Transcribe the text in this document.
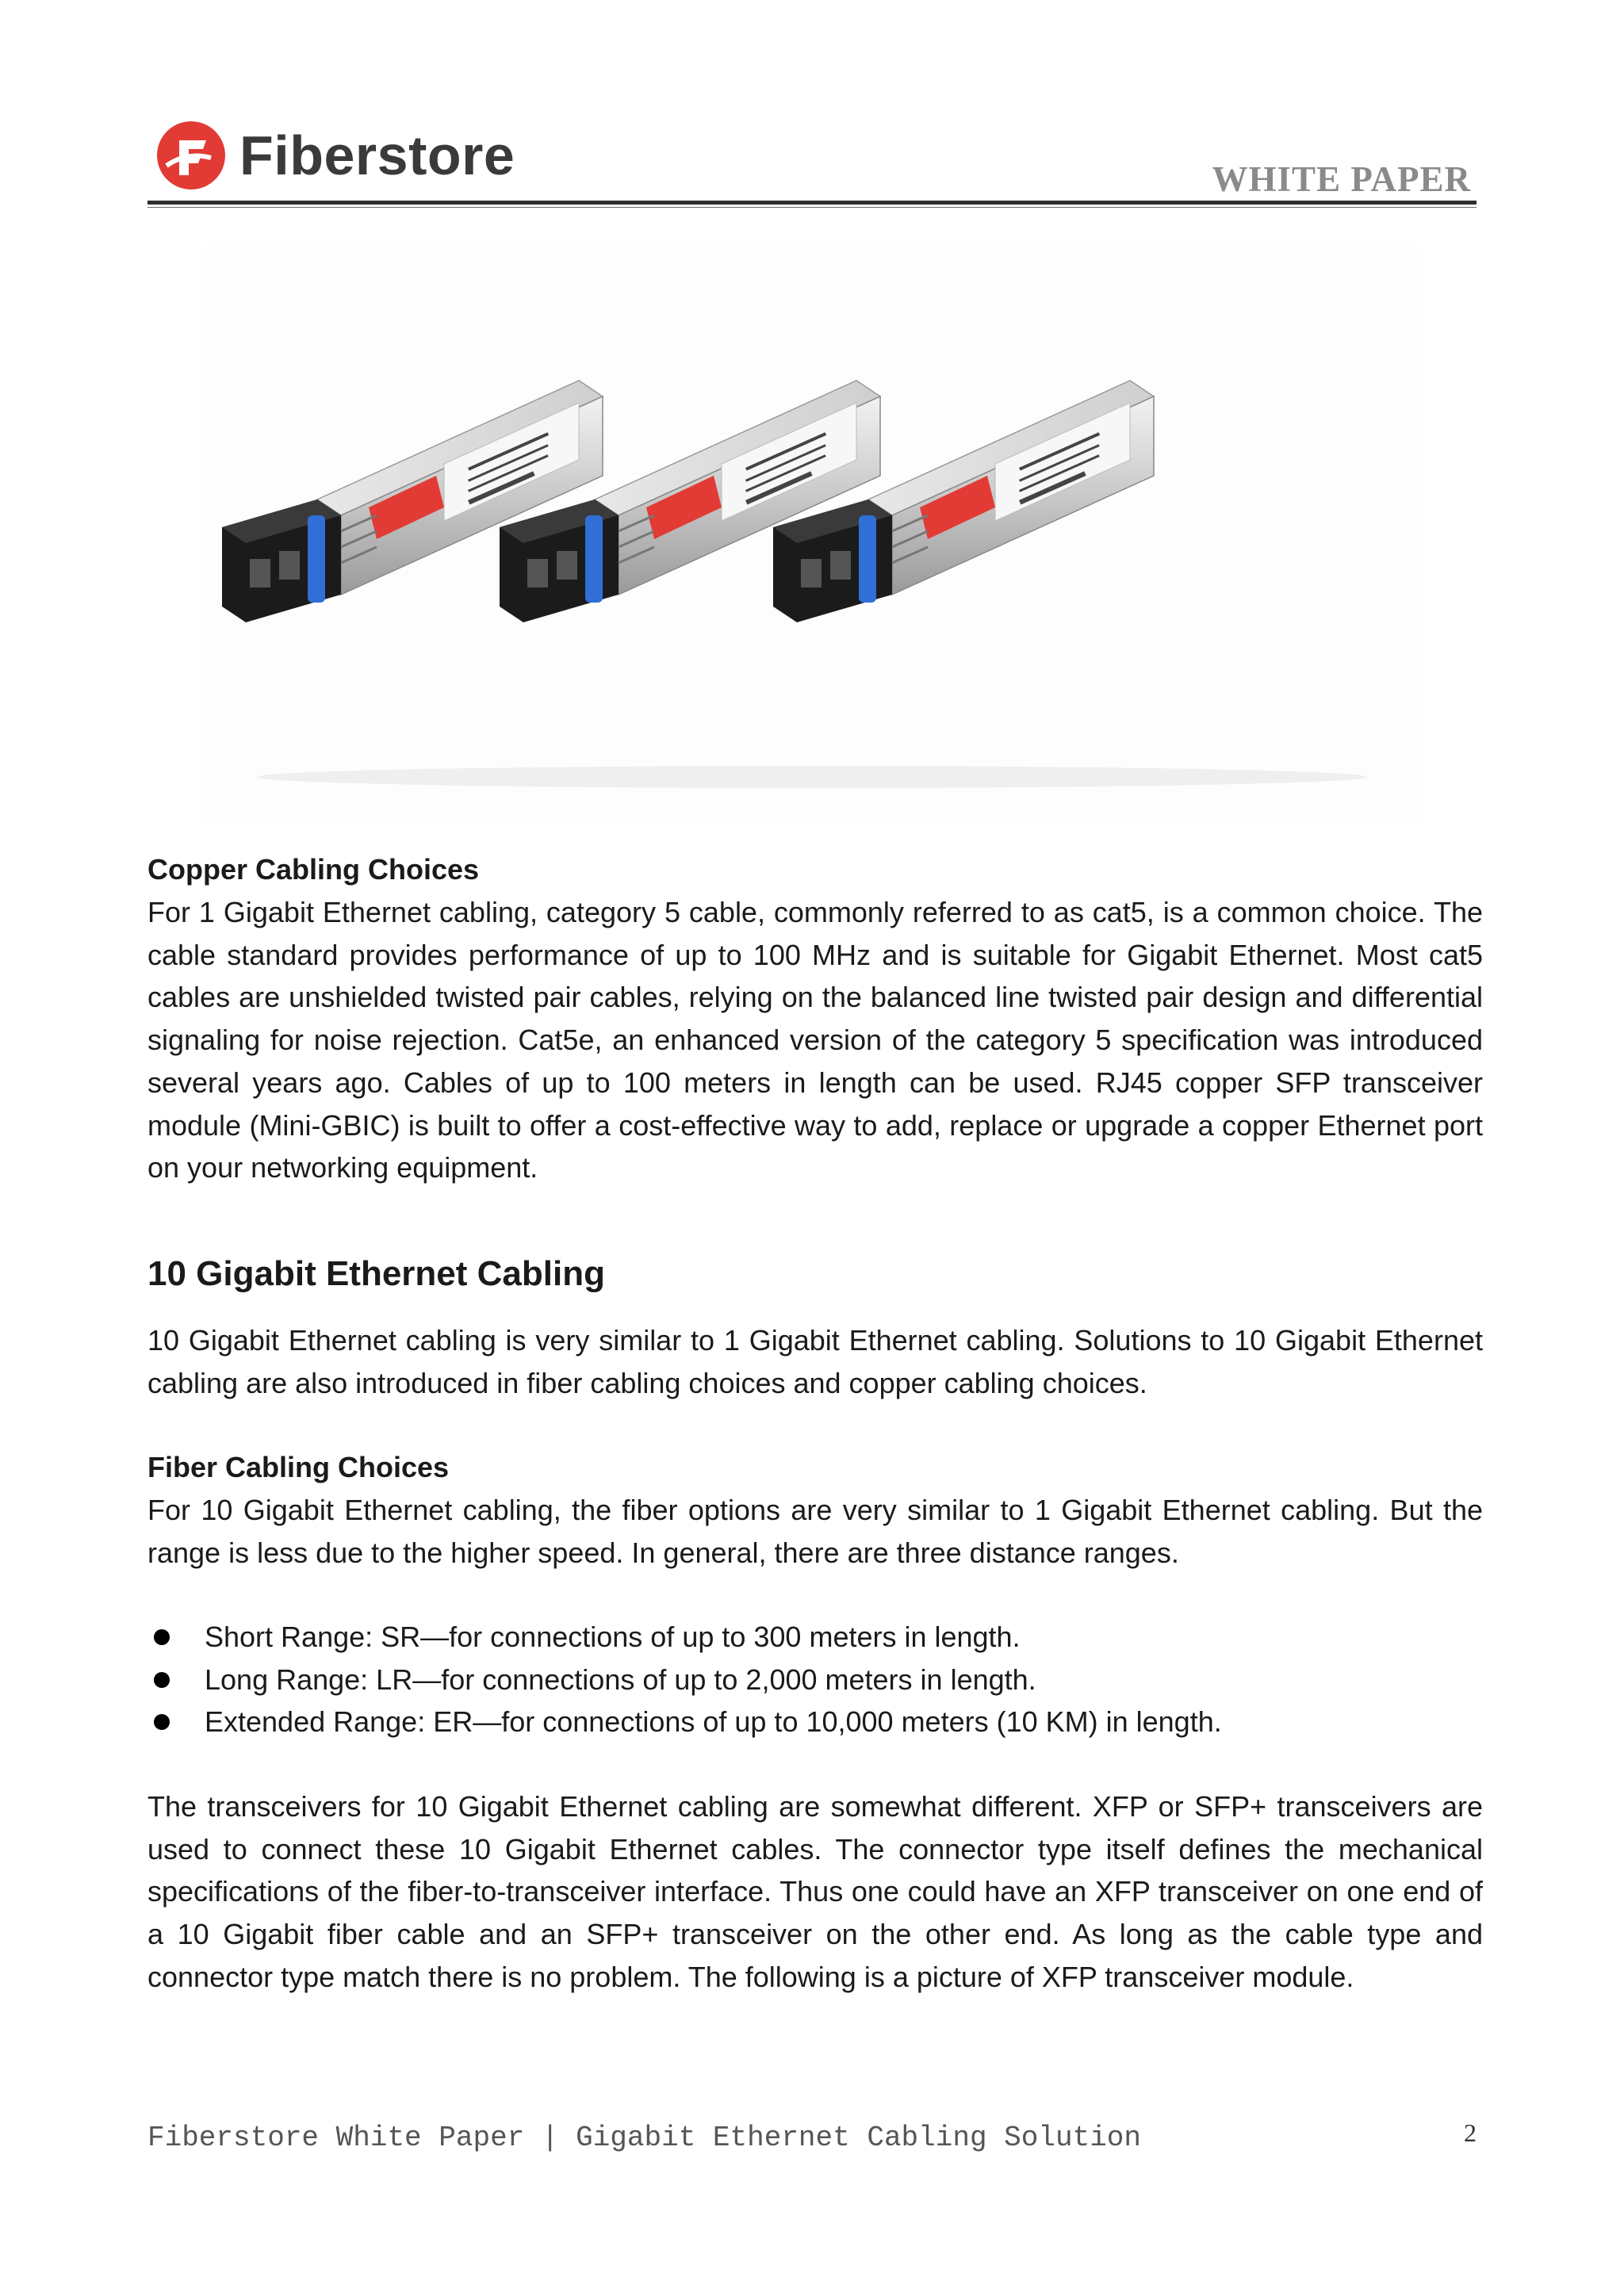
Fiberstore	WHITE PAPER
Copper Cabling Choices

For 1 Gigabit Ethernet cabling, category 5 cable, commonly referred to as cat5, is a common choice. The cable standard provides performance of up to 100 MHz and is suitable for Gigabit Ethernet. Most cat5 cables are unshielded twisted pair cables, relying on the balanced line twisted pair design and differential signaling for noise rejection. Cat5e, an enhanced version of the category 5 specification was introduced several years ago. Cables of up to 100 meters in length can be used. RJ45 copper SFP transceiver module (Mini-GBIC) is built to offer a cost-effective way to add, replace or upgrade a copper Ethernet port on your networking equipment.

10 Gigabit Ethernet Cabling

10 Gigabit Ethernet cabling is very similar to 1 Gigabit Ethernet cabling. Solutions to 10 Gigabit Ethernet cabling are also introduced in fiber cabling choices and copper cabling choices.

Fiber Cabling Choices

For 10 Gigabit Ethernet cabling, the fiber options are very similar to 1 Gigabit Ethernet cabling. But the range is less due to the higher speed. In general, there are three distance ranges.

Short Range: SR—for connections of up to 300 meters in length.
Long Range: LR—for connections of up to 2,000 meters in length.
Extended Range: ER—for connections of up to 10,000 meters (10 KM) in length.

The transceivers for 10 Gigabit Ethernet cabling are somewhat different. XFP or SFP+ transceivers are used to connect these 10 Gigabit Ethernet cables. The connector type itself defines the mechanical specifications of the fiber-to-transceiver interface. Thus one could have an XFP transceiver on one end of a 10 Gigabit fiber cable and an SFP+ transceiver on the other end. As long as the cable type and connector type match there is no problem. The following is a picture of XFP transceiver module.

Fiberstore White Paper | Gigabit Ethernet Cabling Solution	2
